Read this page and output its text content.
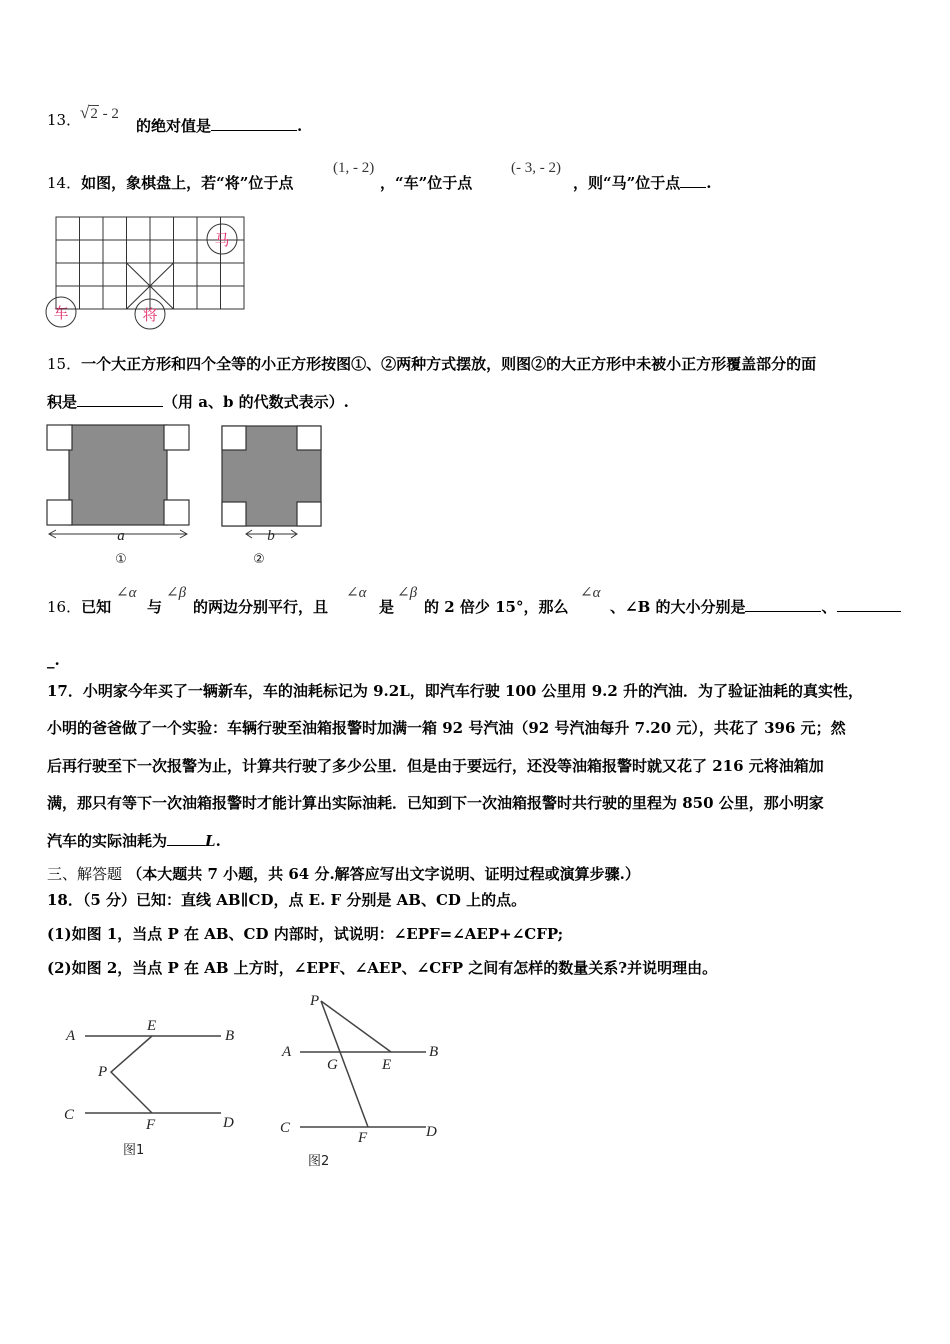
13．
√2 - 2
的绝对值是	.
14．如图，象棋盘上，若“将”位于点
(1, - 2)
，“车”位于点
(- 3, - 2)
，则“马”位于点 .
马
车	将
15．一个大正方形和四个全等的小正方形按图①、②两种方式摆放，则图②的大正方形中未被小正方形覆盖部分的面
积是	（用 a、b 的代数式表示）.
a
①
b
②
16．已知
∠α
与
∠β
的两边分别平行，且
∠α
是
∠β
的 2 倍少 15°，那么
∠α
、∠B 的大小分别是	、
_.
17．小明家今年买了一辆新车，车的油耗标记为 9.2L，即汽车行驶 100 公里用 9.2 升的汽油．为了验证油耗的真实性，
小明的爸爸做了一个实验：车辆行驶至油箱报警时加满一箱 92 号汽油（92 号汽油每升 7.20 元），共花了 396 元；然
后再行驶至下一次报警为止，计算共行驶了多少公里．但是由于要远行，还没等油箱报警时就又花了 216 元将油箱加
满，那只有等下一次油箱报警时才能计算出实际油耗．已知到下一次油箱报警时共行驶的里程为 850 公里，那小明家
汽车的实际油耗为	L.
三、解答题 （本大题共 7 小题，共 64 分.解答应写出文字说明、证明过程或演算步骤.）
18．（5 分）已知：直线 AB∥CD，点 E. F 分别是 AB、CD 上的点。
(1)如图 1，当点 P 在 AB、CD 内部时，试说明：∠EPF=∠AEP+∠CFP;
(2)如图 2，当点 P 在 AB 上方时，∠EPF、∠AEP、∠CFP 之间有怎样的数量关系?并说明理由。
A
E
B
P
C
F	D
图1
P
A
G	E
B
C
F	D
图2
